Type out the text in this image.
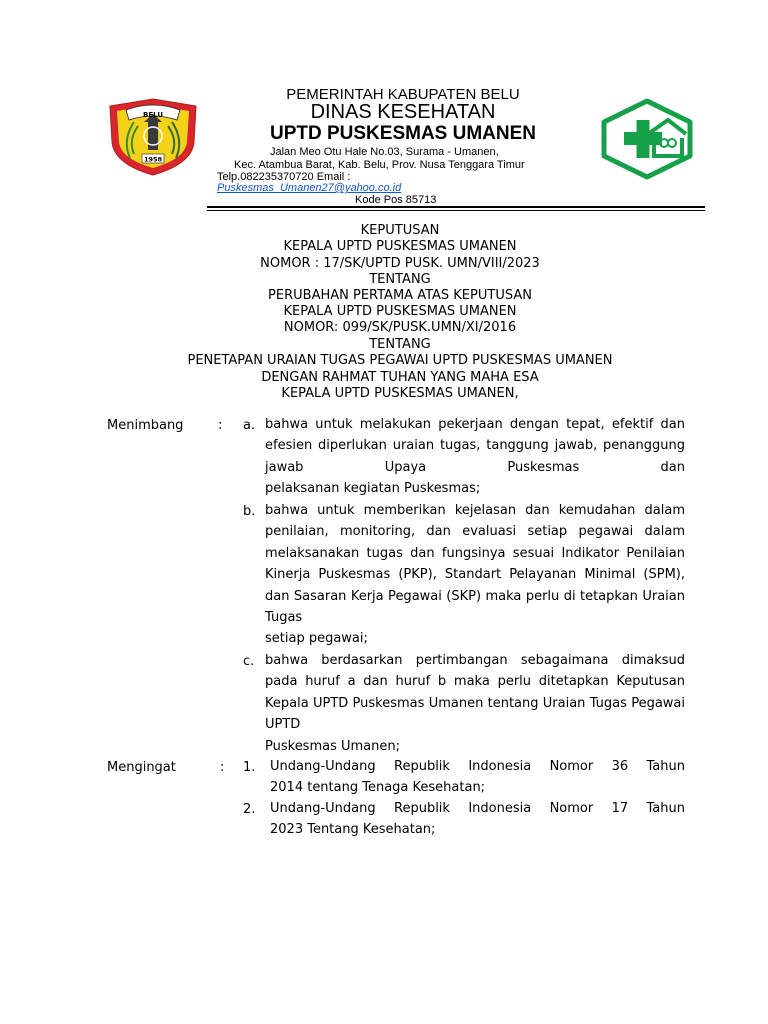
BELU
1958
PEMERINTAH KABUPATEN BELU
DINAS KESEHATAN
UPTD PUSKESMAS UMANEN
Jalan Meo Otu Hale No.03, Surama - Umanen,
Kec. Atambua Barat, Kab. Belu, Prov. Nusa Tenggara Timur
Telp.082235370720 Email :
Puskesmas_Umanen27@yahoo.co.id
Kode Pos 85713
KEPUTUSAN
KEPALA UPTD PUSKESMAS UMANEN
NOMOR : 17/SK/UPTD PUSK. UMN/VIII/2023
TENTANG
PERUBAHAN PERTAMA ATAS KEPUTUSAN
KEPALA UPTD PUSKESMAS UMANEN
NOMOR: 099/SK/PUSK.UMN/XI/2016
TENTANG
PENETAPAN URAIAN TUGAS PEGAWAI UPTD PUSKESMAS UMANEN
DENGAN RAHMAT TUHAN YANG MAHA ESA
KEPALA UPTD PUSKESMAS UMANEN,
Menimbang	: a. bahwa untuk melakukan pekerjaan dengan tepat, efektif dan efesien diperlukan uraian tugas, tanggung jawab, penanggung jawab Upaya Puskesmas dan
pelaksanan kegiatan Puskesmas;
b. bahwa untuk memberikan kejelasan dan kemudahan dalam penilaian, monitoring, dan evaluasi setiap pegawai dalam melaksanakan tugas dan fungsinya sesuai Indikator Penilaian Kinerja Puskesmas (PKP), Standart Pelayanan Minimal (SPM), dan Sasaran Kerja Pegawai (SKP) maka perlu di tetapkan Uraian Tugas
setiap pegawai;
c. bahwa berdasarkan pertimbangan sebagaimana dimaksud pada huruf a dan huruf b maka perlu ditetapkan Keputusan Kepala UPTD Puskesmas Umanen tentang Uraian Tugas Pegawai UPTD
Puskesmas Umanen;
Mengingat	: 1. Undang-Undang Republik Indonesia Nomor 36 Tahun
2014 tentang Tenaga Kesehatan;
2. Undang-Undang Republik Indonesia Nomor 17 Tahun
2023 Tentang Kesehatan;
